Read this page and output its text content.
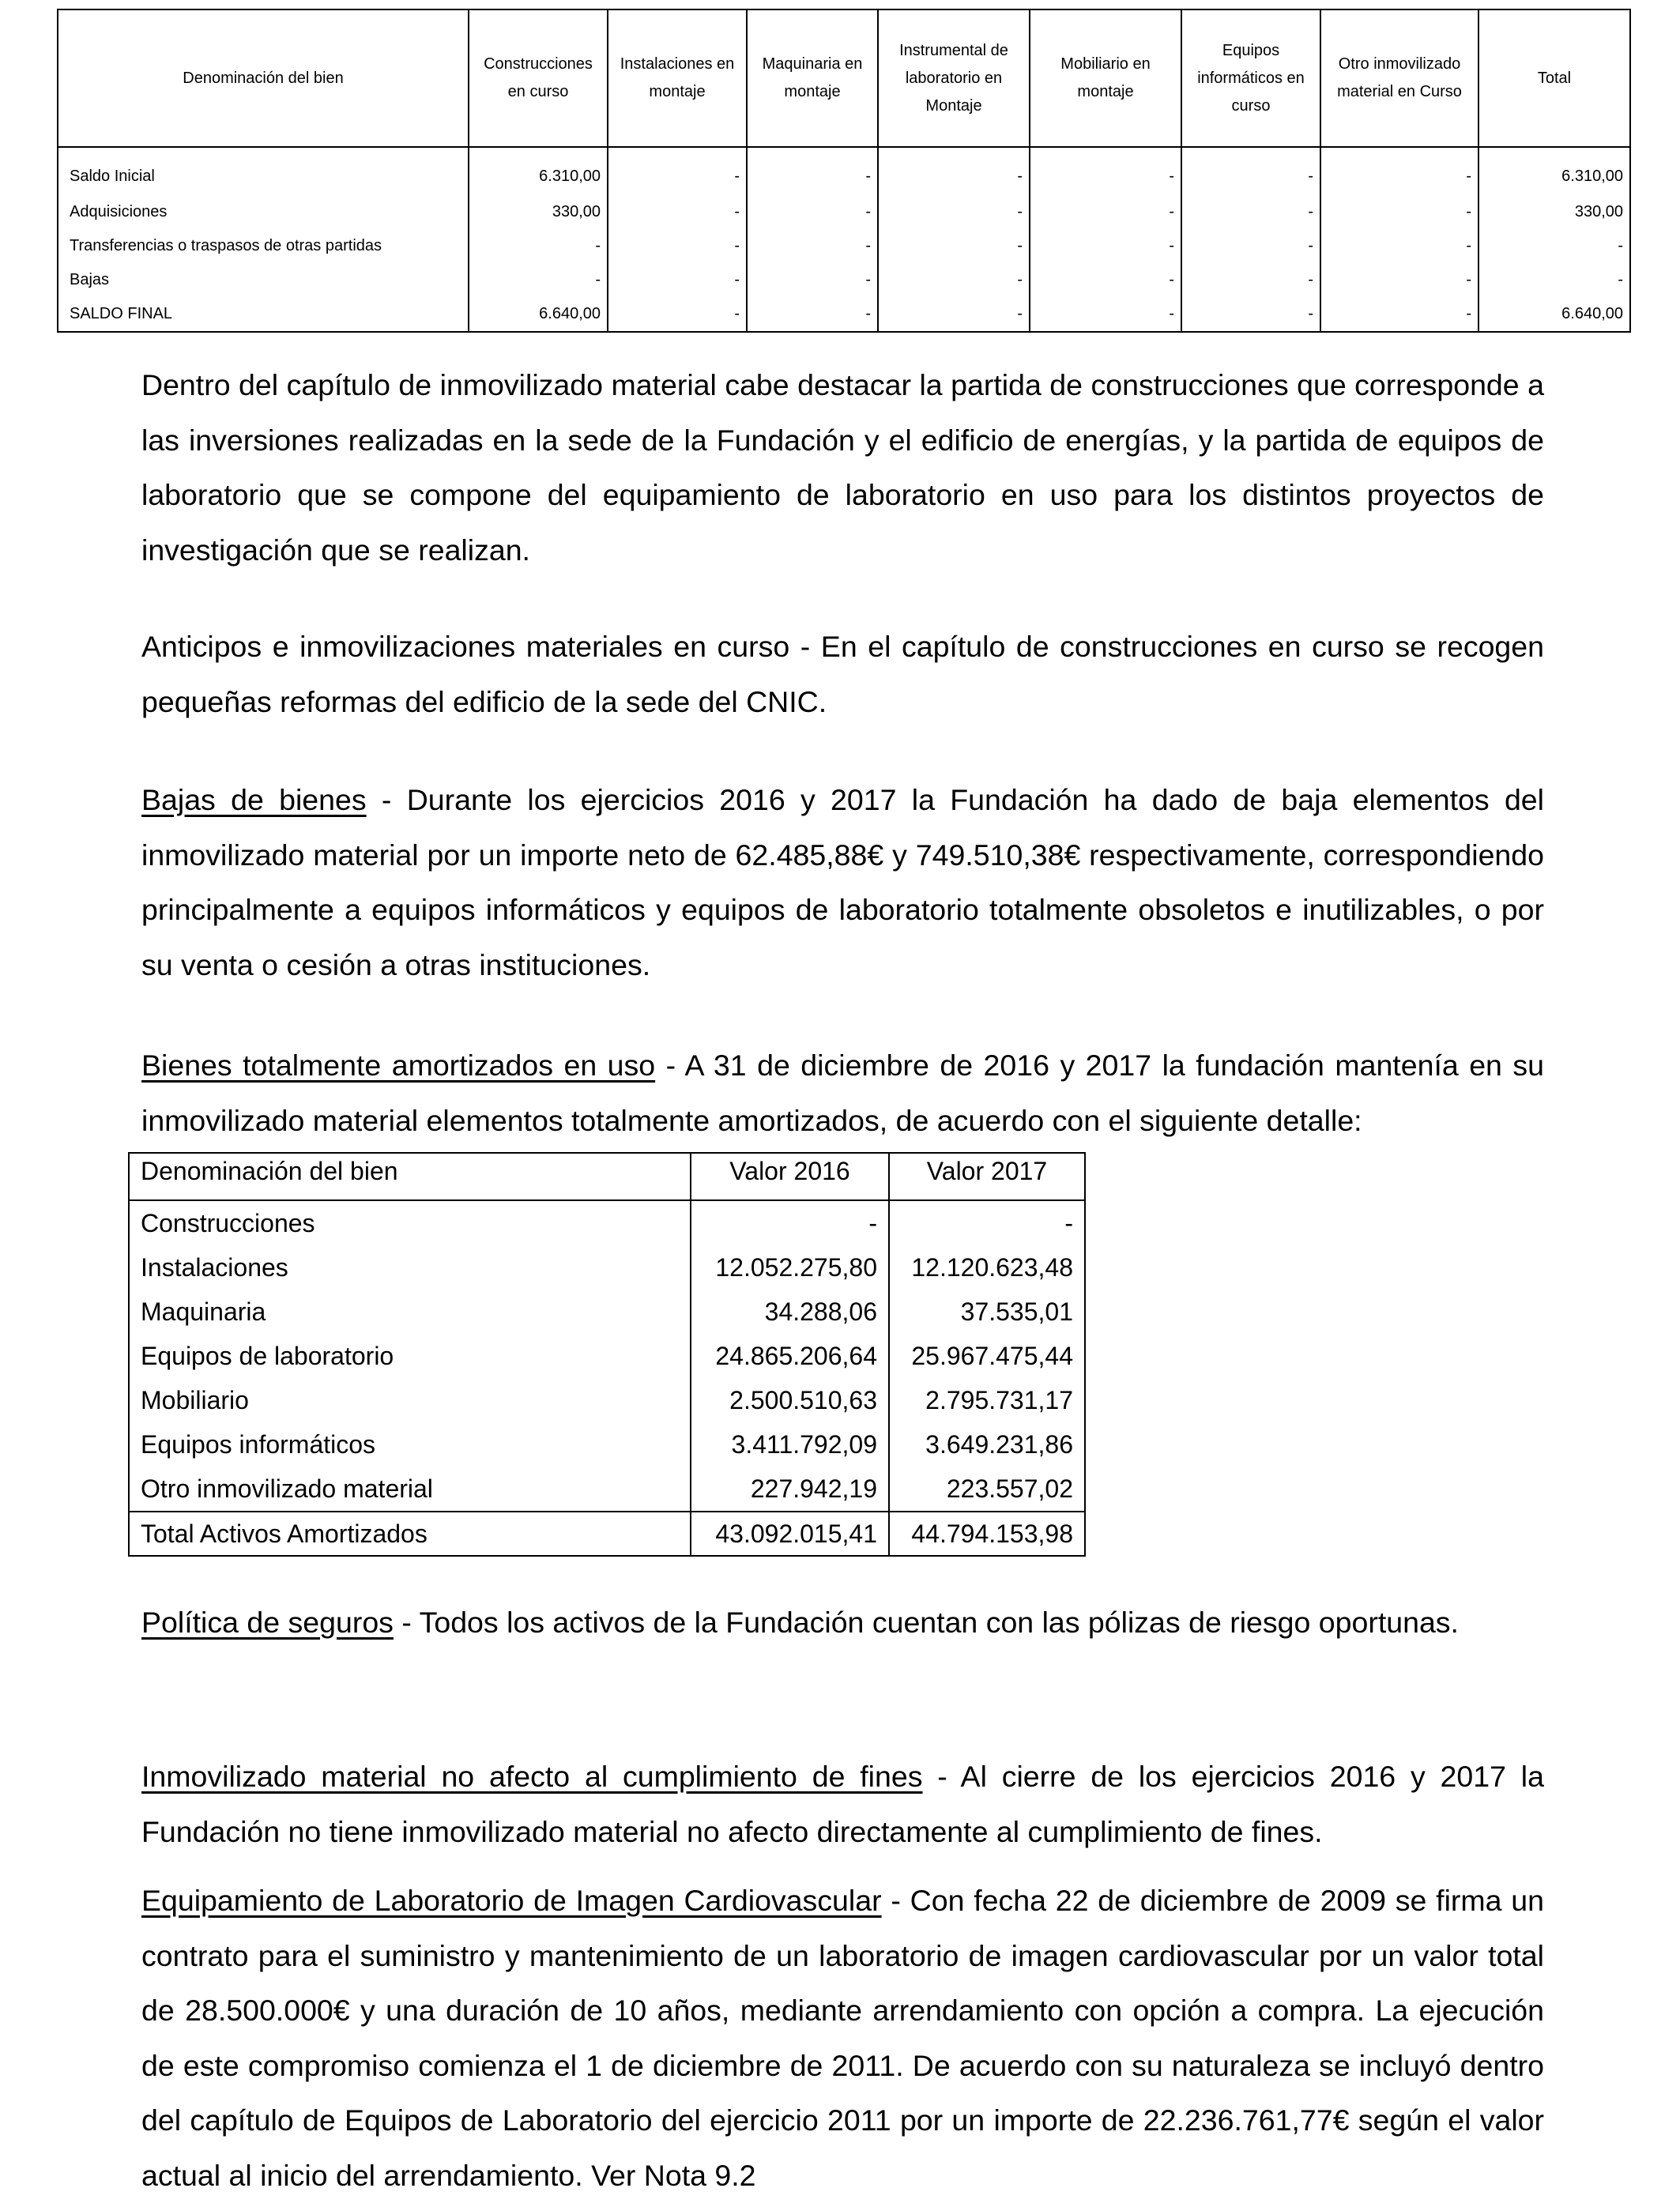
Denominación del bien	Construcciones en curso	Instalaciones en montaje	Maquinaria en montaje	Instrumental de laboratorio en Montaje	Mobiliario en montaje	Equipos informáticos en curso	Otro inmovilizado material en Curso	Total
Saldo Inicial	6.310,00	-	-	-	-	-	-	6.310,00
Adquisiciones	330,00	-	-	-	-	-	-	330,00
Transferencias o traspasos de otras partidas	-	-	-	-	-	-	-	-
Bajas	-	-	-	-	-	-	-	-
SALDO FINAL	6.640,00	-	-	-	-	-	-	6.640,00

Dentro del capítulo de inmovilizado material cabe destacar la partida de construcciones que corresponde a las inversiones realizadas en la sede de la Fundación y el edificio de energías, y la partida de equipos de laboratorio que se compone del equipamiento de laboratorio en uso para los distintos proyectos de investigación que se realizan.

Anticipos e inmovilizaciones materiales en curso - En el capítulo de construcciones en curso se recogen pequeñas reformas del edificio de la sede del CNIC.

Bajas de bienes - Durante los ejercicios 2016 y 2017 la Fundación ha dado de baja elementos del inmovilizado material por un importe neto de 62.485,88€ y 749.510,38€ respectivamente, correspondiendo principalmente a equipos informáticos y equipos de laboratorio totalmente obsoletos e inutilizables, o por su venta o cesión a otras instituciones.

Bienes totalmente amortizados en uso - A 31 de diciembre de 2016 y 2017 la fundación mantenía en su inmovilizado material elementos totalmente amortizados, de acuerdo con el siguiente detalle:

Denominación del bien	Valor 2016	Valor 2017
Construcciones	-	-
Instalaciones	12.052.275,80	12.120.623,48
Maquinaria	34.288,06	37.535,01
Equipos de laboratorio	24.865.206,64	25.967.475,44
Mobiliario	2.500.510,63	2.795.731,17
Equipos informáticos	3.411.792,09	3.649.231,86
Otro inmovilizado material	227.942,19	223.557,02
Total Activos Amortizados	43.092.015,41	44.794.153,98

Política de seguros - Todos los activos de la Fundación cuentan con las pólizas de riesgo oportunas.

Inmovilizado material no afecto al cumplimiento de fines - Al cierre de los ejercicios 2016 y 2017 la Fundación no tiene inmovilizado material no afecto directamente al cumplimiento de fines.

Equipamiento de Laboratorio de Imagen Cardiovascular - Con fecha 22 de diciembre de 2009 se firma un contrato para el suministro y mantenimiento de un laboratorio de imagen cardiovascular por un valor total de 28.500.000€ y una duración de 10 años, mediante arrendamiento con opción a compra. La ejecución de este compromiso comienza el 1 de diciembre de 2011. De acuerdo con su naturaleza se incluyó dentro del capítulo de Equipos de Laboratorio del ejercicio 2011 por un importe de 22.236.761,77€ según el valor actual al inicio del arrendamiento. Ver Nota 9.2
